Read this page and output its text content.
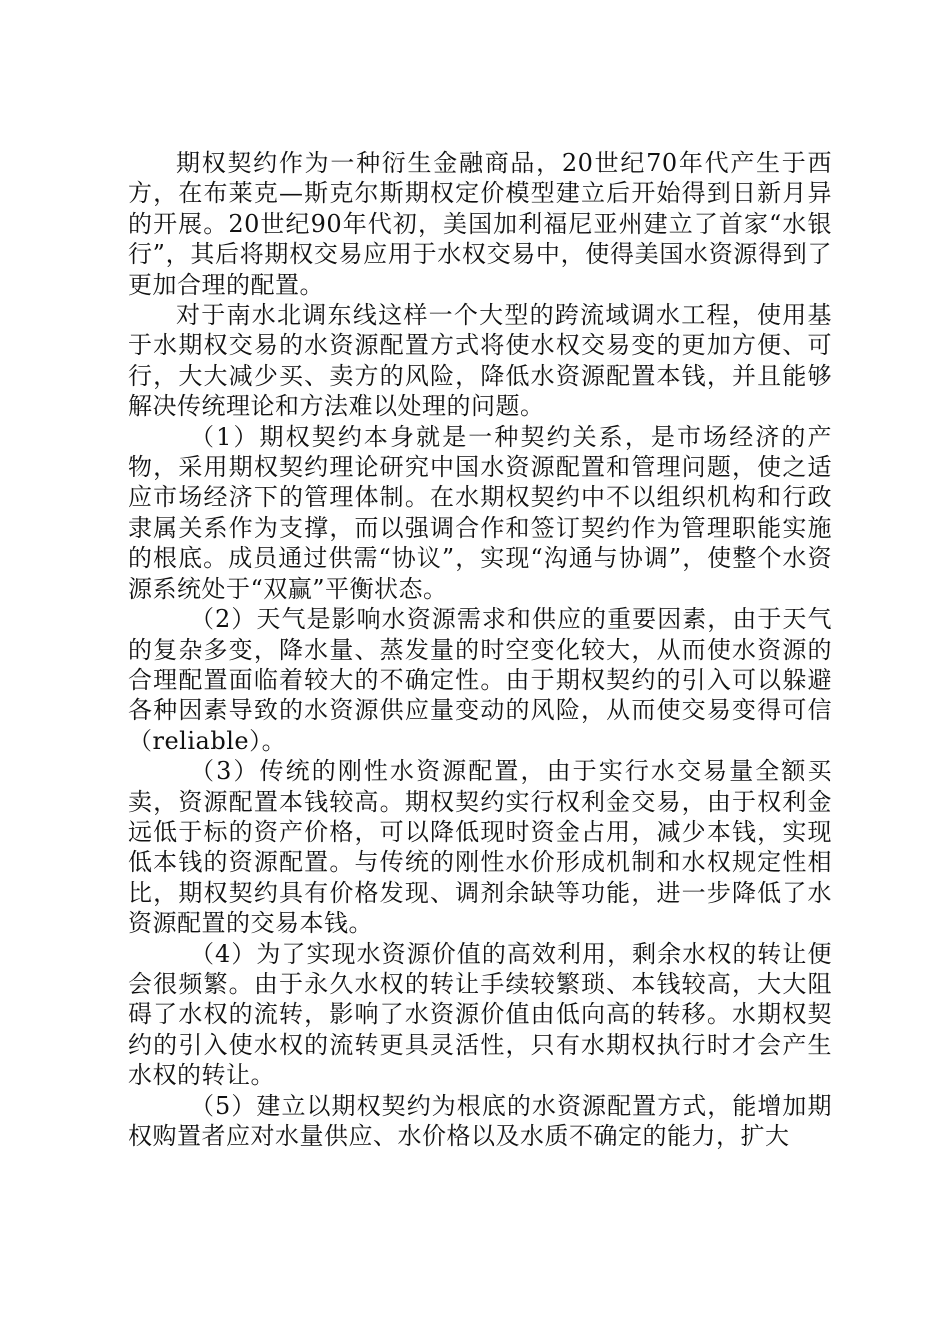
期权契约作为一种衍生金融商品，20世纪70年代产生于西方，在布莱克—斯克尔斯期权定价模型建立后开始得到日新月异的开展。20世纪90年代初，美国加利福尼亚州建立了首家“水银行”，其后将期权交易应用于水权交易中，使得美国水资源得到了更加合理的配置。

对于南水北调东线这样一个大型的跨流域调水工程，使用基于水期权交易的水资源配置方式将使水权交易变的更加方便、可行，大大减少买、卖方的风险，降低水资源配置本钱，并且能够解决传统理论和方法难以处理的问题。

（1）期权契约本身就是一种契约关系，是市场经济的产物，采用期权契约理论研究中国水资源配置和管理问题，使之适应市场经济下的管理体制。在水期权契约中不以组织机构和行政隶属关系作为支撑，而以强调合作和签订契约作为管理职能实施的根底。成员通过供需“协议”，实现“沟通与协调”，使整个水资源系统处于“双赢”平衡状态。

（2）天气是影响水资源需求和供应的重要因素，由于天气的复杂多变，降水量、蒸发量的时空变化较大，从而使水资源的合理配置面临着较大的不确定性。由于期权契约的引入可以躲避各种因素导致的水资源供应量变动的风险，从而使交易变得可信（reliable）。

（3）传统的刚性水资源配置，由于实行水交易量全额买卖，资源配置本钱较高。期权契约实行权利金交易，由于权利金远低于标的资产价格，可以降低现时资金占用，减少本钱，实现低本钱的资源配置。与传统的刚性水价形成机制和水权规定性相比，期权契约具有价格发现、调剂余缺等功能，进一步降低了水资源配置的交易本钱。

（4）为了实现水资源价值的高效利用，剩余水权的转让便会很频繁。由于永久水权的转让手续较繁琐、本钱较高，大大阻碍了水权的流转，影响了水资源价值由低向高的转移。水期权契约的引入使水权的流转更具灵活性，只有水期权执行时才会产生水权的转让。

（5）建立以期权契约为根底的水资源配置方式，能增加期权购置者应对水量供应、水价格以及水质不确定的能力，扩大
